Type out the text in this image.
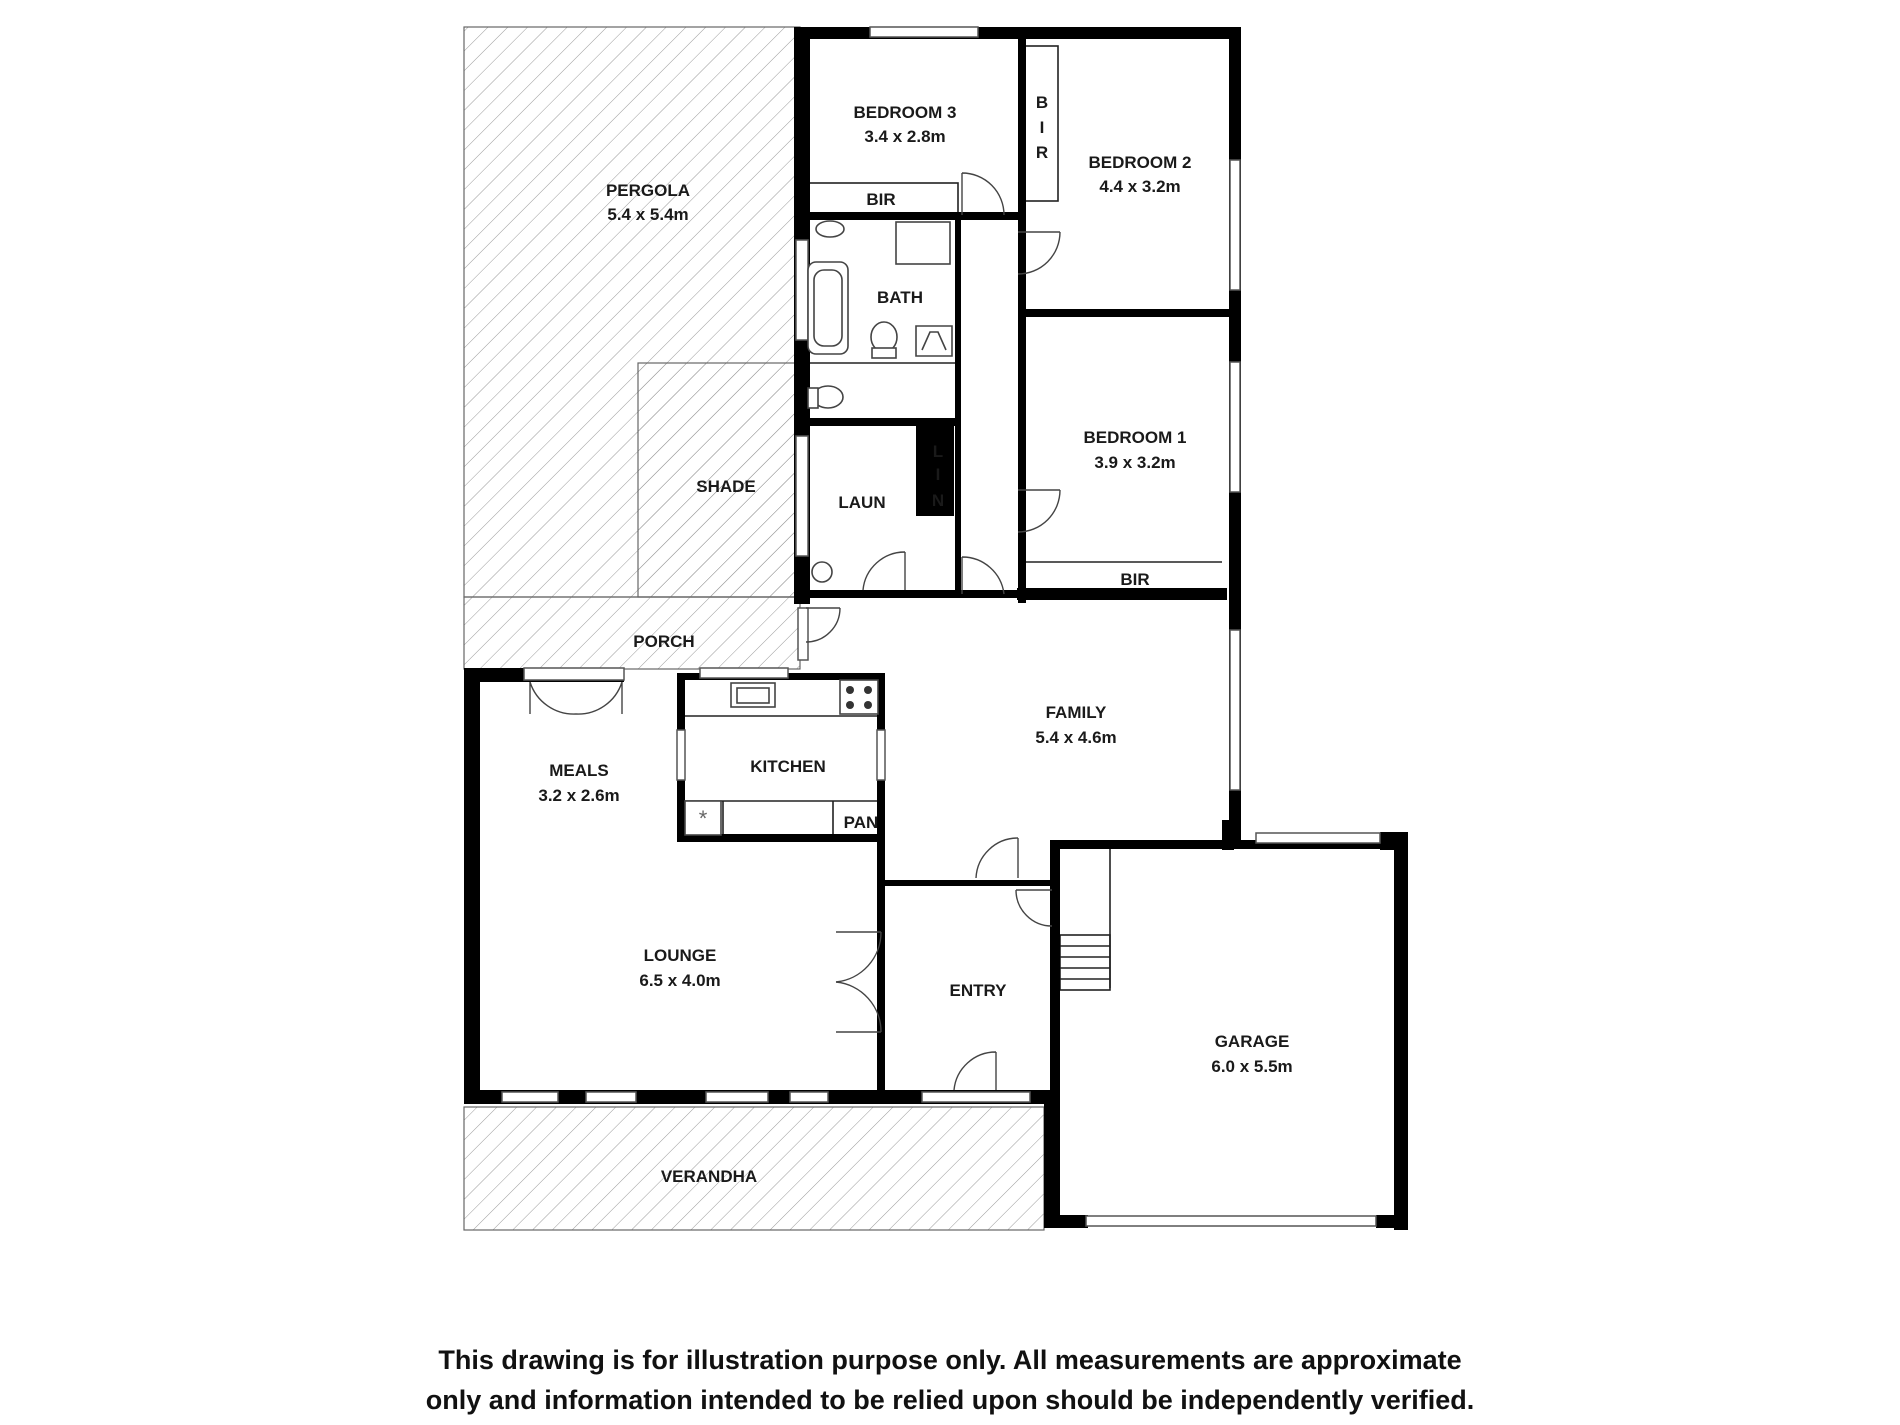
*
PERGOLA
5.4 x 5.4m
BEDROOM 3
3.4 x 2.8m
BIR
B
I
R
BEDROOM 2
4.4 x 3.2m
BATH
SHADE
LAUN
L
I
N
BEDROOM 1
3.9 x 3.2m
BIR
PORCH
FAMILY
5.4 x 4.6m
KITCHEN
MEALS
3.2 x 2.6m
PAN
LOUNGE
6.5 x 4.0m
ENTRY
GARAGE
6.0 x 5.5m
VERANDHA
This drawing is for illustration purpose only. All measurements are approximate
only and information intended to be relied upon should be independently verified.
